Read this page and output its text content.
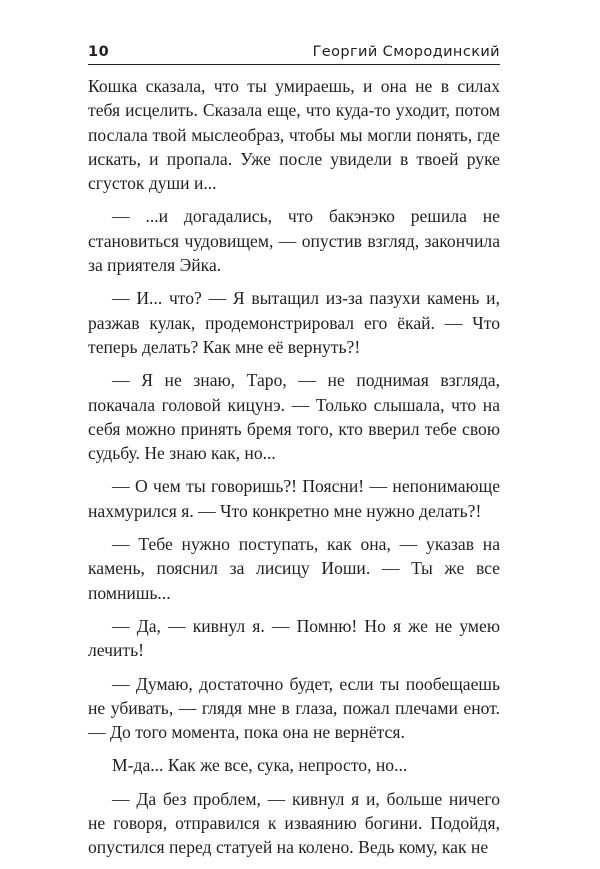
10	Георгий Смородинский

Кошка сказала, что ты умираешь, и она не в силах тебя исцелить. Сказала еще, что куда-то уходит, потом послала твой мыслеобраз, чтобы мы могли понять, где искать, и пропала. Уже после увидели в твоей руке сгусток души и...

— ...и догадались, что бакэнэко решила не становиться чудовищем, — опустив взгляд, закончила за приятеля Эйка.

— И... что? — Я вытащил из-за пазухи камень и, разжав кулак, продемонстрировал его ёкай. — Что теперь делать? Как мне её вернуть?!

— Я не знаю, Таро, — не поднимая взгляда, покачала головой кицунэ. — Только слышала, что на себя можно принять бремя того, кто вверил тебе свою судьбу. Не знаю как, но...

— О чем ты говоришь?! Поясни! — непонимающе нахмурился я. — Что конкретно мне нужно делать?!

— Тебе нужно поступать, как она, — указав на камень, пояснил за лисицу Иоши. — Ты же все помнишь...

— Да, — кивнул я. — Помню! Но я же не умею лечить!

— Думаю, достаточно будет, если ты пообещаешь не убивать, — глядя мне в глаза, пожал плечами енот. — До того момента, пока она не вернётся.

М-да... Как же все, сука, непросто, но...

— Да без проблем, — кивнул я и, больше ничего не говоря, отправился к изваянию богини. Подойдя, опустился перед статуей на колено. Ведь кому, как не
